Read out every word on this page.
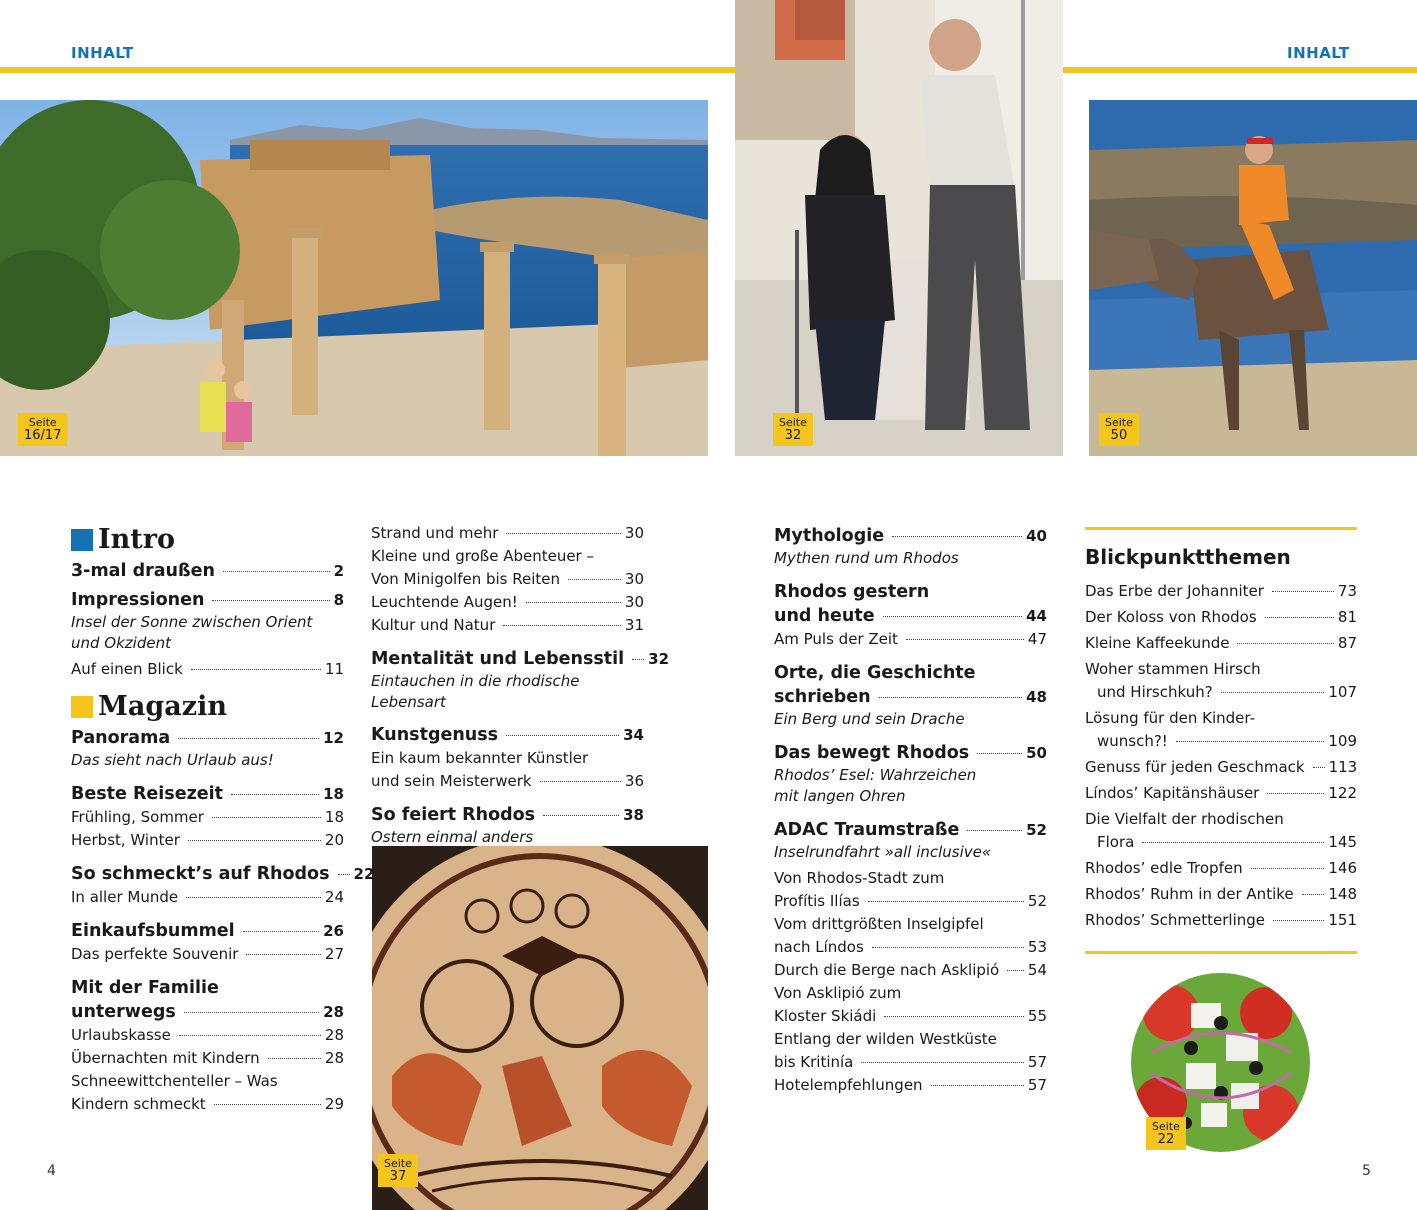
INHALT	INHALT
Seite
16/17
Seite
32
Seite
50
Seite
37
Seite
22
Intro
3-mal draußen	2
Impressionen	8
Insel der Sonne zwischen Orient und Okzident
Auf einen Blick	11
Magazin
Panorama	12
Das sieht nach Urlaub aus!
Beste Reisezeit	18
Frühling, Sommer	18
Herbst, Winter	20
So schmeckt’s auf Rhodos 22
In aller Munde	24
Einkaufsbummel	26
Das perfekte Souvenir	27
Mit der Familie
unterwegs	28
Urlaubskasse	28
Übernachten mit Kindern	28
Schneewittchenteller – Was
Kindern schmeckt	29
Strand und mehr	30
Kleine und große Abenteuer –
Von Minigolfen bis Reiten	30
Leuchtende Augen!	30
Kultur und Natur	31
Mentalität und Lebensstil 32
Eintauchen in die rhodische Lebensart
Kunstgenuss	34
Ein kaum bekannter Künstler
und sein Meisterwerk	36
So feiert Rhodos	38
Ostern einmal anders
Mythologie	40
Mythen rund um Rhodos
Rhodos gestern
und heute	44
Am Puls der Zeit	47
Orte, die Geschichte
schrieben	48
Ein Berg und sein Drache
Das bewegt Rhodos	50
Rhodos’ Esel: Wahrzeichen mit langen Ohren
ADAC Traumstraße	52
Inselrundfahrt »all inclusive«
Von Rhodos-Stadt zum
Profítis Ilías	52
Vom drittgrößten Inselgipfel
nach Líndos	53
Durch die Berge nach Asklipió 54
Von Asklipió zum
Kloster Skiádi	55
Entlang der wilden Westküste
bis Kritinía	57
Hotelempfehlungen	57
Blickpunktthemen
Das Erbe der Johanniter	73
Der Koloss von Rhodos	81
Kleine Kaffeekunde	87
Woher stammen Hirsch
und Hirschkuh?	107
Lösung für den Kinder-
wunsch?!	109
Genuss für jeden Geschmack 113
Líndos’ Kapitänshäuser	122
Die Vielfalt der rhodischen
Flora	145
Rhodos’ edle Tropfen	146
Rhodos’ Ruhm in der Antike 148
Rhodos’ Schmetterlinge	151
4	5
